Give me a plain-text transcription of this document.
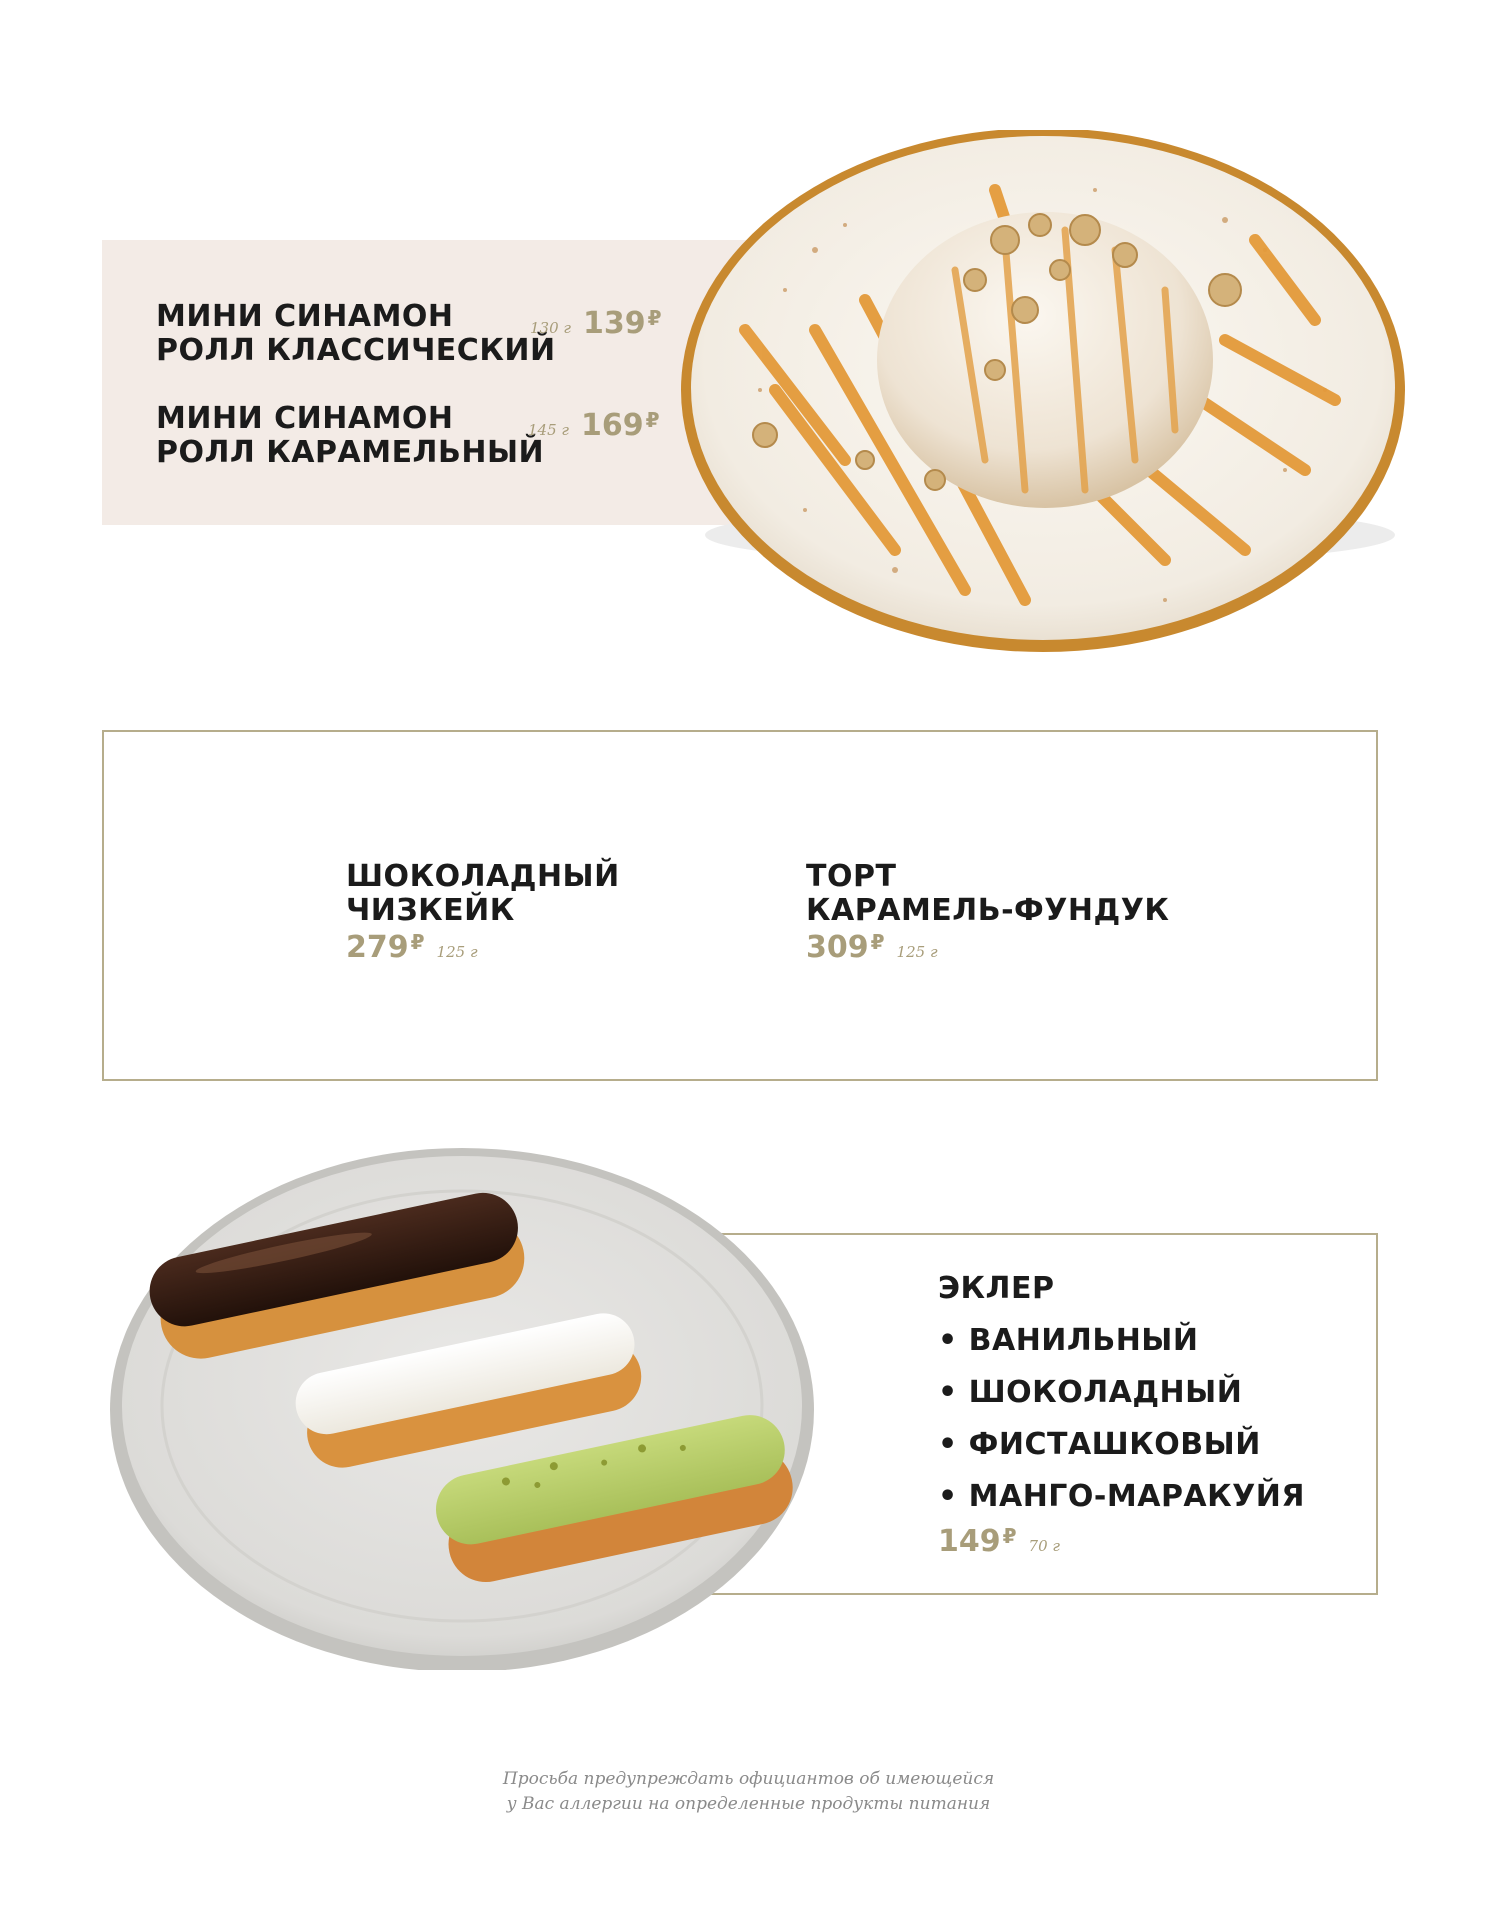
МИНИ СИНАМОН	130 г 139 ₽
РОЛЛ КЛАССИЧЕСКИЙ
МИНИ СИНАМОН	145 г 169 ₽
РОЛЛ КАРАМЕЛЬНЫЙ
ШОКОЛАДНЫЙ
ЧИЗКЕЙК
279 ₽ 125 г
ТОРТ
КАРАМЕЛЬ-ФУНДУК
309 ₽ 125 г
ЭКЛЕР
• ВАНИЛЬНЫЙ
• ШОКОЛАДНЫЙ
• ФИСТАШКОВЫЙ
• МАНГО-МАРАКУЙЯ
149 ₽ 70 г
Просьба предупреждать официантов об имеющейся
у Вас аллергии на определенные продукты питания
